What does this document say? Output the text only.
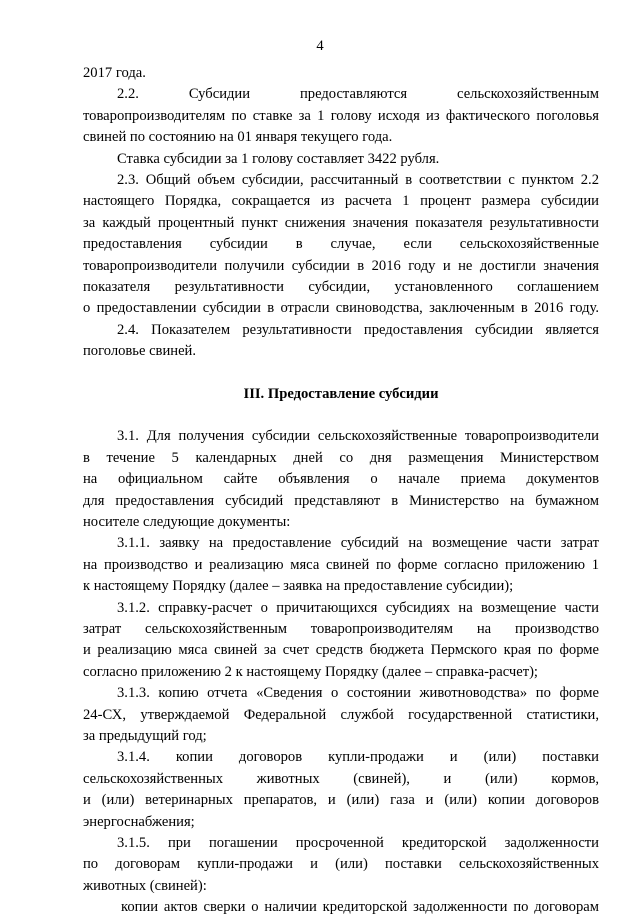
4
2017 года.
2.2. Субсидии предоставляются сельскохозяйственным
товаропроизводителям по ставке за 1 голову исходя из фактического поголовья
свиней по состоянию на 01 января текущего года.
Ставка субсидии за 1 голову составляет 3422 рубля.
2.3. Общий объем субсидии, рассчитанный в соответствии с пунктом 2.2
настоящего Порядка, сокращается из расчета 1 процент размера субсидии
за каждый процентный пункт снижения значения показателя результативности
предоставления субсидии в случае, если сельскохозяйственные
товаропроизводители получили субсидии в 2016 году и не достигли значения
показателя результативности субсидии, установленного соглашением
о предоставлении субсидии в отрасли свиноводства, заключенным в 2016 году.
2.4. Показателем результативности предоставления субсидии является
поголовье свиней.
III. Предоставление субсидии
3.1. Для получения субсидии сельскохозяйственные товаропроизводители
в течение 5 календарных дней со дня размещения Министерством
на официальном сайте объявления о начале приема документов
для предоставления субсидий представляют в Министерство на бумажном
носителе следующие документы:
3.1.1. заявку на предоставление субсидий на возмещение части затрат
на производство и реализацию мяса свиней по форме согласно приложению 1
к настоящему Порядку (далее – заявка на предоставление субсидии);
3.1.2. справку-расчет о причитающихся субсидиях на возмещение части
затрат сельскохозяйственным товаропроизводителям на производство
и реализацию мяса свиней за счет средств бюджета Пермского края по форме
согласно приложению 2 к настоящему Порядку (далее – справка-расчет);
3.1.3. копию отчета «Сведения о состоянии животноводства» по форме
24-СХ, утверждаемой Федеральной службой государственной статистики,
за предыдущий год;
3.1.4. копии договоров купли-продажи и (или) поставки
сельскохозяйственных животных (свиней), и (или) кормов,
и (или) ветеринарных препаратов, и (или) газа и (или) копии договоров
энергоснабжения;
3.1.5. при погашении просроченной кредиторской задолженности
по договорам купли-продажи и (или) поставки сельскохозяйственных
животных (свиней):
копии актов сверки о наличии кредиторской задолженности по договорам
